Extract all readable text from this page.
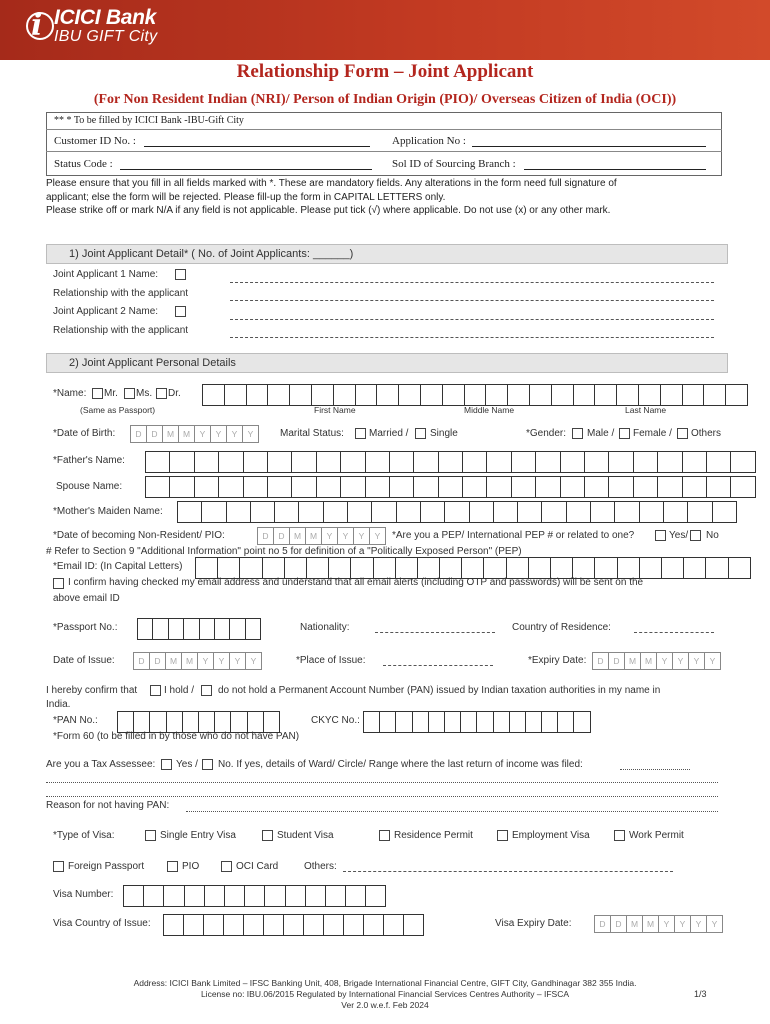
i ICICI Bank
IBU GIFT City
Relationship Form – Joint Applicant
(For Non Resident Indian (NRI)/ Person of Indian Origin (PIO)/ Overseas Citizen of India (OCI))
** * To be filled by ICICI Bank -IBU-Gift City
Customer ID No. :	Application No :
Status Code :	Sol ID of Sourcing Branch :
Please ensure that you fill in all fields marked with *. These are mandatory fields. Any alterations in the form need full signature of
applicant; else the form will be rejected. Please fill-up the form in CAPITAL LETTERS only.
Please strike off or mark N/A if any field is not applicable. Please put tick (√) where applicable. Do not use (x) or any other mark.
1) Joint Applicant Detail* ( No. of Joint Applicants: ______)
Joint Applicant 1 Name:
Relationship with the applicant
Joint Applicant 2 Name:
Relationship with the applicant
2) Joint Applicant Personal Details
*Name: Mr. Ms. Dr.
(Same as Passport)	First Name	Middle Name	Last Name
*Date of Birth:	D	D	M	M	Y	Y	Y	Y	Marital Status:	Married / Single	*Gender: Male / Female / Others
*Father's Name:
Spouse Name:
*Mother's Maiden Name:
*Date of becoming Non-Resident/ PIO:	D	D	M	M	Y	Y	Y	Y	*Are you a PEP/ International PEP # or related to one?	Yes/ No
# Refer to Section 9 "Additional Information" point no 5 for definition of a "Politically Exposed Person" (PEP)
*Email ID: (In Capital Letters)
I confirm having checked my email address and understand that all email alerts (including OTP and passwords) will be sent on the
above email ID
*Passport No.:	Nationality:	Country of Residence:
Date of Issue:	D	D	M	M	Y	Y	Y	Y	*Place of Issue:	*Expiry Date:	D	D	M	M	Y	Y	Y	Y
I hereby confirm that	I hold / do not hold a Permanent Account Number (PAN) issued by Indian taxation authorities in my name in
India.
*PAN No.:	CKYC No.:
*Form 60 (to be filled in by those who do not have PAN)
Are you a Tax Assessee: Yes / No. If yes, details of Ward/ Circle/ Range where the last return of income was filed:
Reason for not having PAN:
*Type of Visa:	Single Entry Visa	Student Visa	Residence Permit	Employment Visa	Work Permit
Foreign Passport	PIO	OCI Card	Others:
Visa Number:
Visa Country of Issue:	Visa Expiry Date:	D	D	M	M	Y	Y	Y	Y
Address: ICICI Bank Limited – IFSC Banking Unit, 408, Brigade International Financial Centre, GIFT City, Gandhinagar 382 355 India.
License no: IBU.06/2015 Regulated by International Financial Services Centres Authority – IFSCA
Ver 2.0 w.e.f. Feb 2024
1/3
